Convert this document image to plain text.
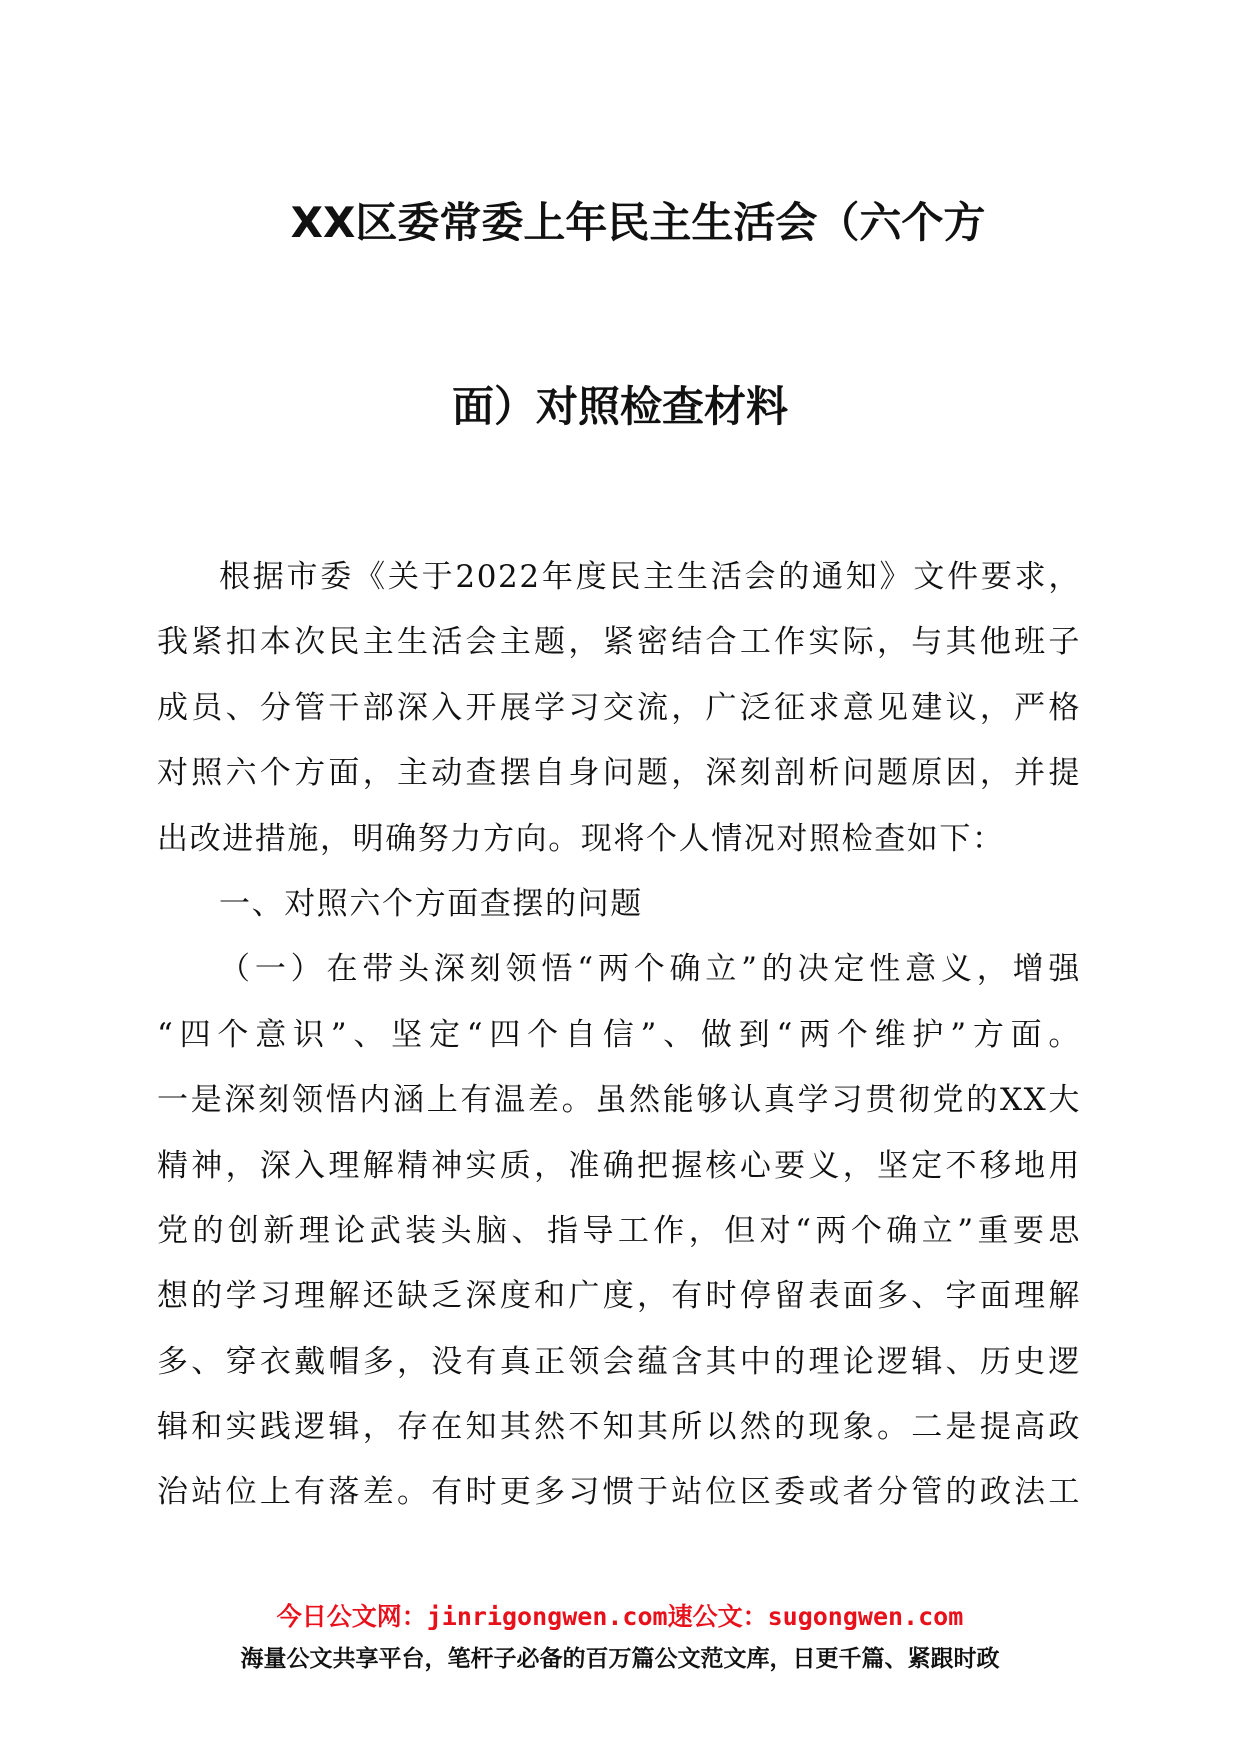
XX区委常委上年民主生活会（六个方
面）对照检查材料
根据市委《关于2022年度民主生活会的通知》文件要求，
我紧扣本次民主生活会主题，紧密结合工作实际，与其他班子
成员、分管干部深入开展学习交流，广泛征求意见建议，严格
对照六个方面，主动查摆自身问题，深刻剖析问题原因，并提
出改进措施，明确努力方向。现将个人情况对照检查如下：
一、对照六个方面查摆的问题
（一）在带头深刻领悟“两个确立”的决定性意义，增强
“四个意识”、坚定“四个自信”、做到“两个维护”方面。
一是深刻领悟内涵上有温差。虽然能够认真学习贯彻党的XX大
精神，深入理解精神实质，准确把握核心要义，坚定不移地用
党的创新理论武装头脑、指导工作，但对“两个确立”重要思
想的学习理解还缺乏深度和广度，有时停留表面多、字面理解
多、穿衣戴帽多，没有真正领会蕴含其中的理论逻辑、历史逻
辑和实践逻辑，存在知其然不知其所以然的现象。二是提高政
治站位上有落差。有时更多习惯于站位区委或者分管的政法工
今日公文网：jinrigongwen.com速公文：sugongwen.com
海量公文共享平台，笔杆子必备的百万篇公文范文库，日更千篇、紧跟时政
